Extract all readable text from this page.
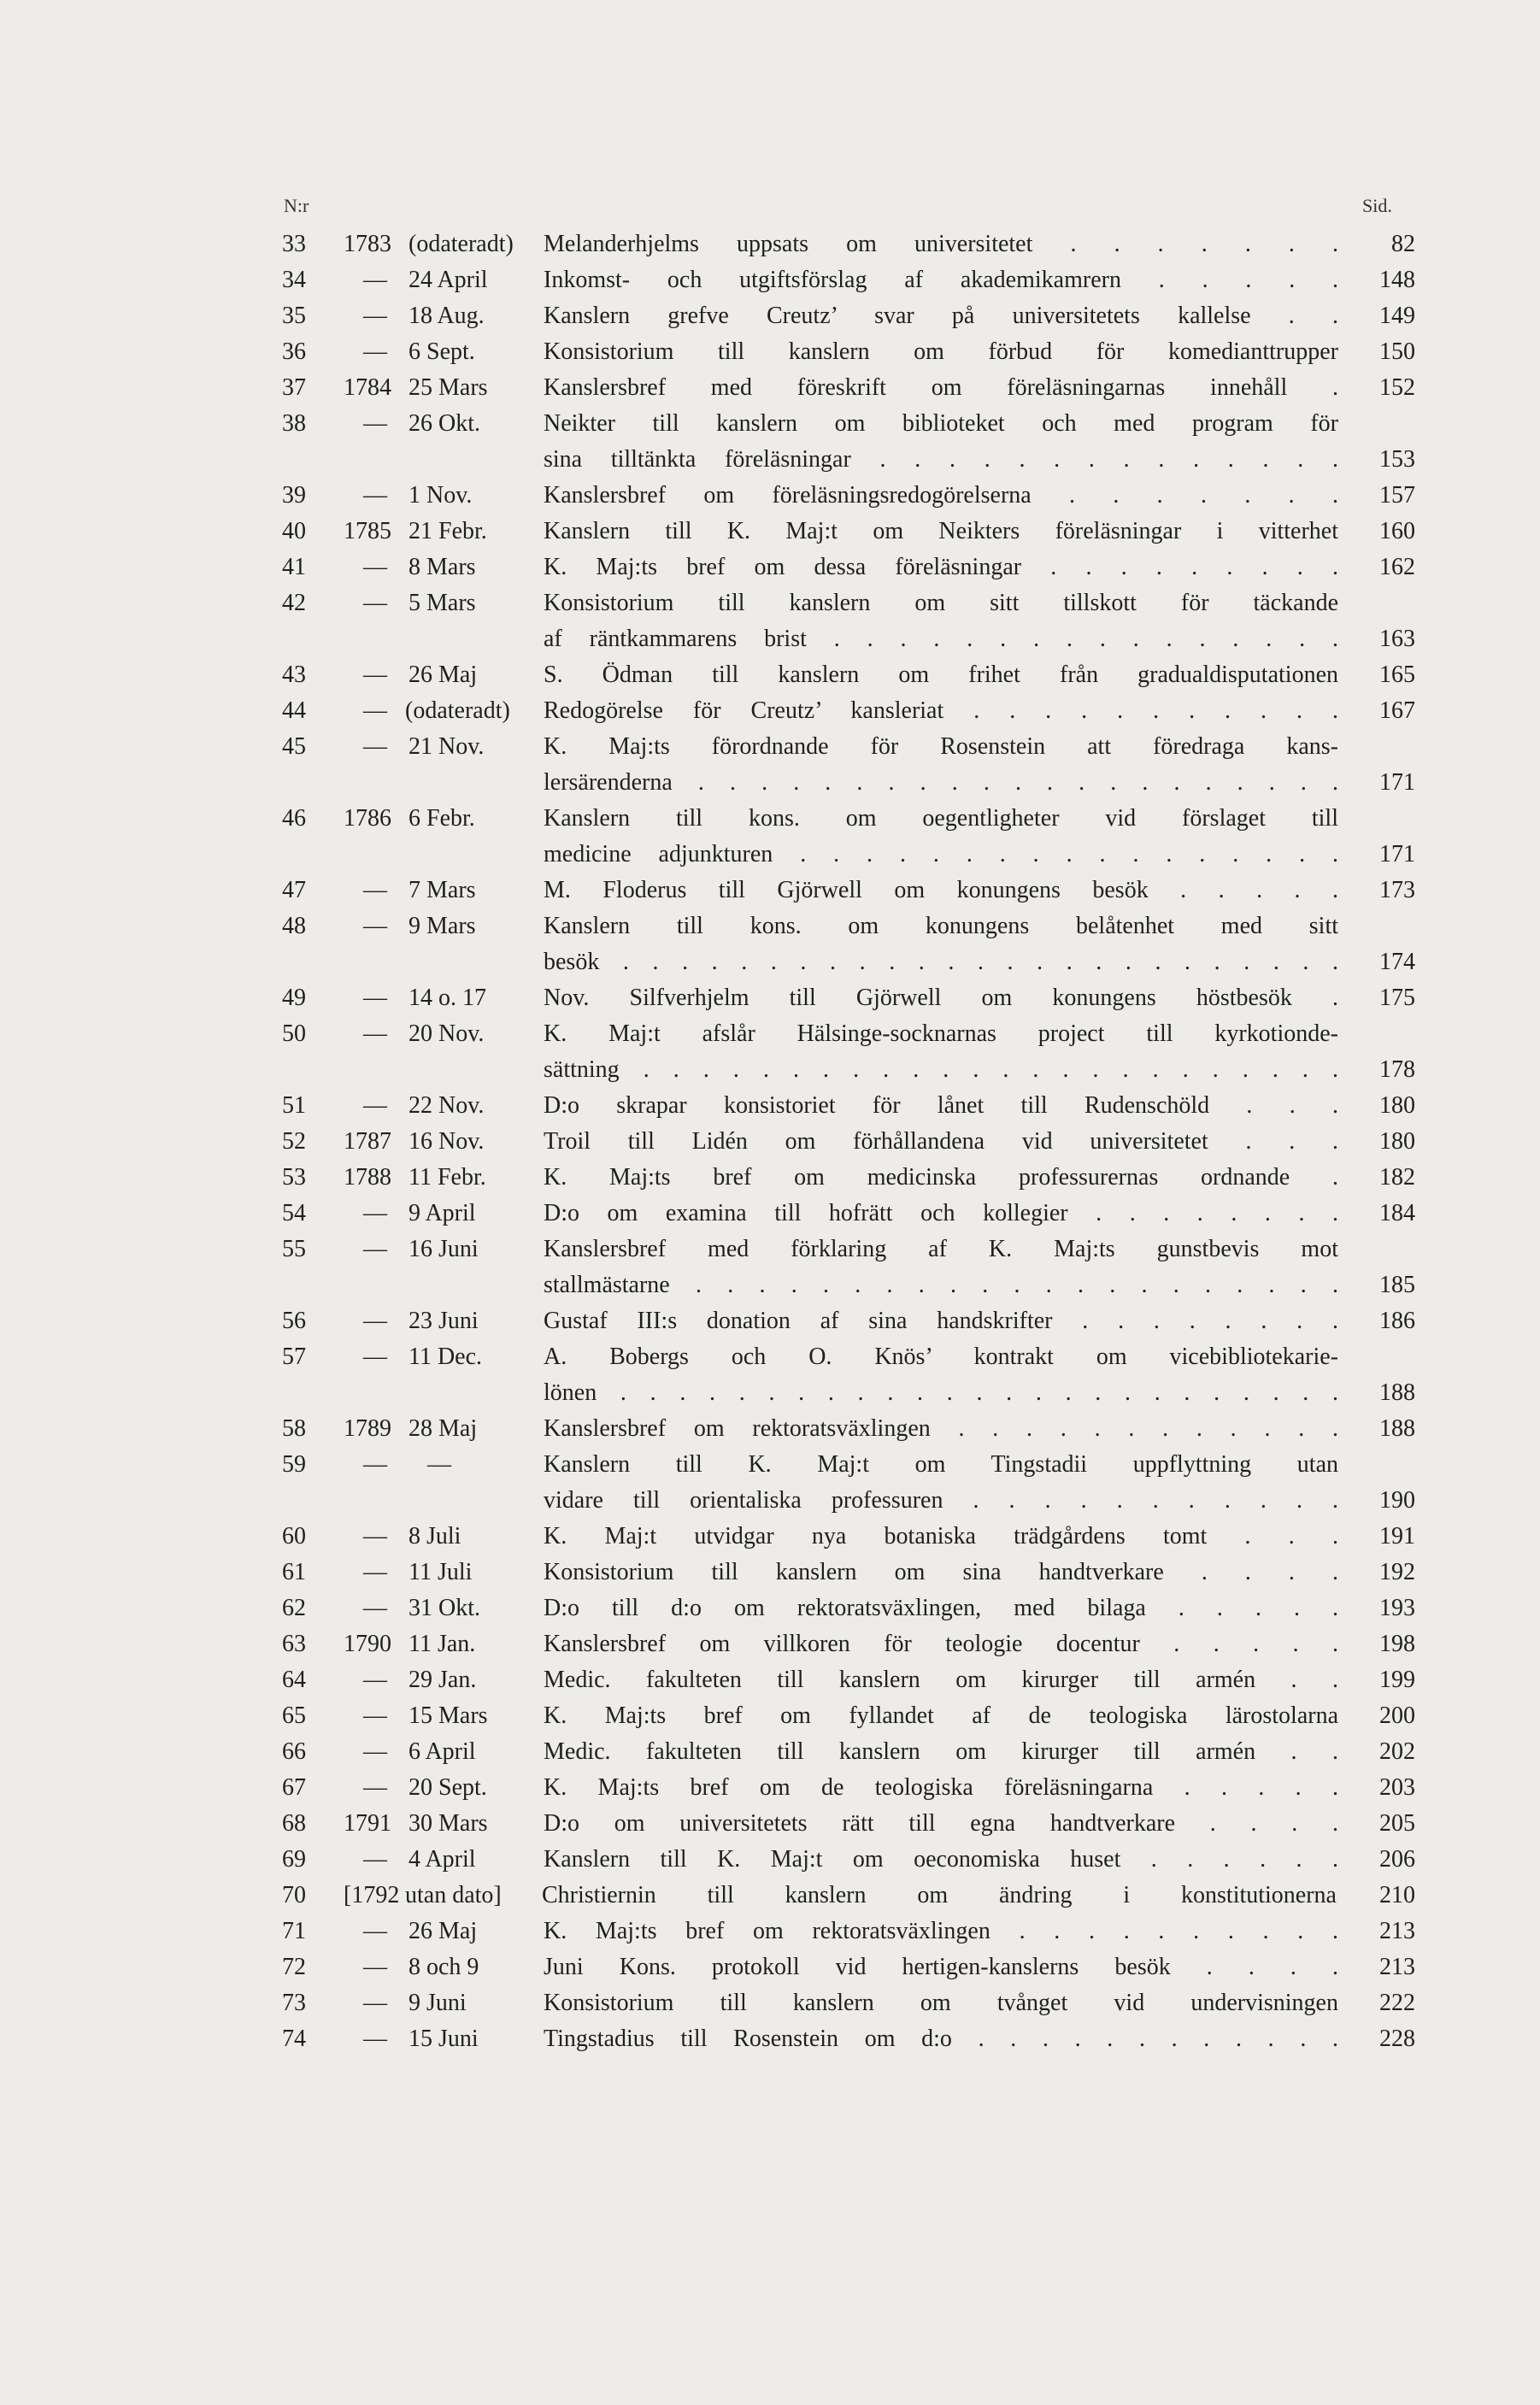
N:r	Sid.
33	1783 (odateradt)	Melanderhjelms uppsats om universitetet . . . . . . .	82
34	— 24 April	Inkomst- och utgiftsförslag af akademikamrern . . . . .	148
35	— 18 Aug.	Kanslern grefve Creutz’ svar på universitetets kallelse . .	149
36	— 6 Sept.	Konsistorium till kanslern om förbud för komedianttrupper	150
37	1784 25 Mars	Kanslersbref med föreskrift om föreläsningarnas innehåll .	152
38	— 26 Okt.	Neikter till kanslern om biblioteket och med program för
sina tilltänkta föreläsningar . . . . . . . . . . . . . .	153
39	— 1 Nov.	Kanslersbref om föreläsningsredogörelserna . . . . . . .	157
40	1785 21 Febr.	Kanslern till K. Maj:t om Neikters föreläsningar i vitterhet	160
41	— 8 Mars	K. Maj:ts bref om dessa föreläsningar . . . . . . . . .	162
42	— 5 Mars	Konsistorium till kanslern om sitt tillskott för täckande
af räntkammarens brist . . . . . . . . . . . . . . . .	163
43	— 26 Maj	S. Ödman till kanslern om frihet från gradualdisputationen	165
44	— (odateradt)	Redogörelse för Creutz’ kansleriat . . . . . . . . . . .	167
45	— 21 Nov.	K. Maj:ts förordnande för Rosenstein att föredraga kans-
lersärenderna . . . . . . . . . . . . . . . . . . . . .	171
46	1786 6 Febr.	Kanslern till kons. om oegentligheter vid förslaget till
medicine adjunkturen . . . . . . . . . . . . . . . . .	171
47	— 7 Mars	M. Floderus till Gjörwell om konungens besök . . . . .	173
48	— 9 Mars	Kanslern till kons. om konungens belåtenhet med sitt
besök . . . . . . . . . . . . . . . . . . . . . . . . .	174
49	— 14 o. 17	Nov. Silfverhjelm till Gjörwell om konungens höstbesök .	175
50	— 20 Nov.	K. Maj:t afslår Hälsinge-socknarnas project till kyrkotionde-
sättning . . . . . . . . . . . . . . . . . . . . . . . .	178
51	— 22 Nov.	D:o skrapar konsistoriet för lånet till Rudenschöld . . .	180
52	1787 16 Nov.	Troil till Lidén om förhållandena vid universitetet . . .	180
53	1788 11 Febr.	K. Maj:ts bref om medicinska professurernas ordnande .	182
54	— 9 April	D:o om examina till hofrätt och kollegier . . . . . . . .	184
55	— 16 Juni	Kanslersbref med förklaring af K. Maj:ts gunstbevis mot
stallmästarne . . . . . . . . . . . . . . . . . . . . .	185
56	— 23 Juni	Gustaf III:s donation af sina handskrifter . . . . . . . .	186
57	— 11 Dec.	A. Bobergs och O. Knös’ kontrakt om vicebibliotekarie-
lönen . . . . . . . . . . . . . . . . . . . . . . . . .	188
58	1789 28 Maj	Kanslersbref om rektoratsväxlingen . . . . . . . . . . . .	188
59	—	—	Kanslern till K. Maj:t om Tingstadii uppflyttning utan
vidare till orientaliska professuren . . . . . . . . . . .	190
60	— 8 Juli	K. Maj:t utvidgar nya botaniska trädgårdens tomt . . .	191
61	— 11 Juli	Konsistorium till kanslern om sina handtverkare . . . .	192
62	— 31 Okt.	D:o till d:o om rektoratsväxlingen, med bilaga . . . . .	193
63	1790 11 Jan.	Kanslersbref om villkoren för teologie docentur . . . . .	198
64	— 29 Jan.	Medic. fakulteten till kanslern om kirurger till armén . .	199
65	— 15 Mars	K. Maj:ts bref om fyllandet af de teologiska lärostolarna	200
66	— 6 April	Medic. fakulteten till kanslern om kirurger till armén . .	202
67	— 20 Sept.	K. Maj:ts bref om de teologiska föreläsningarna . . . . .	203
68	1791 30 Mars	D:o om universitetets rätt till egna handtverkare . . . .	205
69	— 4 April	Kanslern till K. Maj:t om oeconomiska huset . . . . . .	206
70	[1792 utan dato]	Christiernin till kanslern om ändring i konstitutionerna	210
71	— 26 Maj	K. Maj:ts bref om rektoratsväxlingen . . . . . . . . . .	213
72	— 8 och 9	Juni Kons. protokoll vid hertigen-kanslerns besök . . . .	213
73	— 9 Juni	Konsistorium till kanslern om tvånget vid undervisningen	222
74	— 15 Juni	Tingstadius till Rosenstein om d:o . . . . . . . . . . . .	228
